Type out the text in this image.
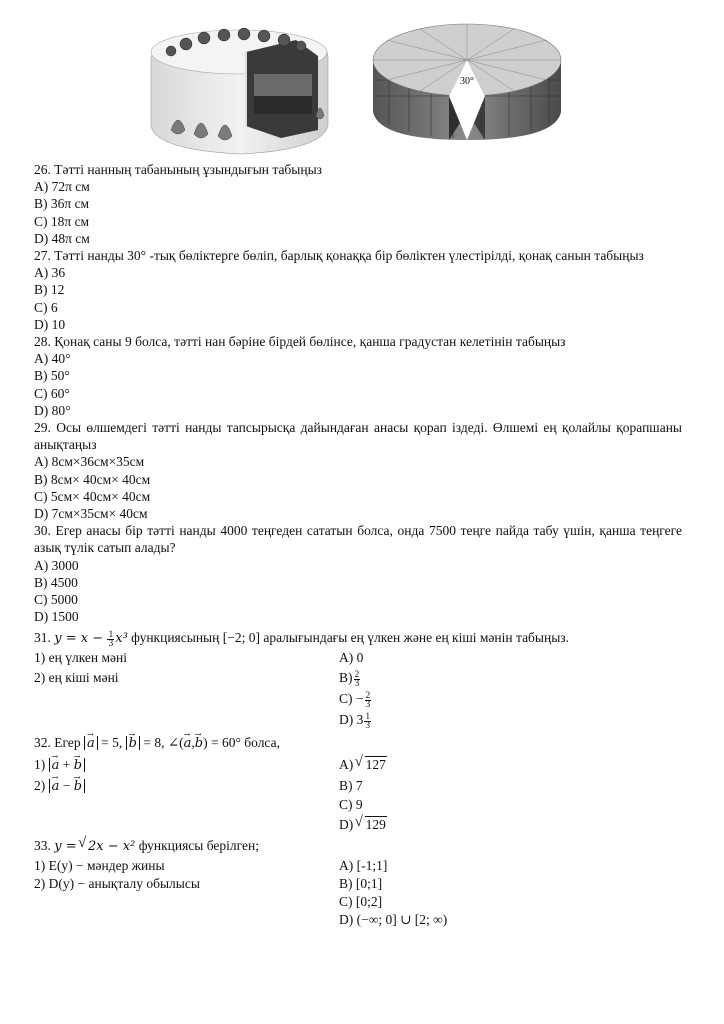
30°
26. Тәтті нанның табанының ұзындығын табыңыз
A) 72π см
B) 36π см
C) 18π см
D) 48π см
27. Тәтті нанды 30° -тық бөліктерге бөліп, барлық қонаққа бір бөліктен үлестірілді, қонақ санын табыңыз
A) 36
B) 12
C) 6
D) 10
28. Қонақ саны 9 болса, тәтті нан бәріне бірдей бөлінсе, қанша градустан келетінін табыңыз
A) 40°
B) 50°
C) 60°
D) 80°
29. Осы өлшемдегі тәтті нанды тапсырысқа дайындаған анасы қорап іздеді. Өлшемі ең қолайлы қорапшаны анықтаңыз
A) 8см×36см×35см
B) 8см× 40см× 40см
C) 5см× 40см× 40см
D) 7см×35см× 40см
30. Егер анасы бір тәтті нанды 4000 теңгеден сататын болса, онда 7500 теңге пайда табу үшін, қанша теңгеге азық түлік сатып алады?
A) 3000
B) 4500
C) 5000
D) 1500
31. $y = x - \frac{1}{3} x^3$ функциясының [−2; 0] аралығындағы ең үлкен және ең кіші мәнін табыңыз.
1) ең үлкен мәні	A) 0
2) ең кіші мәні	$B) \frac{2}{3}$
$C) - \frac{2}{3}$
D) $3 \frac{1}{3}$
32. Егер → a = 5, → b = 8, ∠(→ a,→ b) = 60° болса,
1) → a + → b	A) √ 127
2) → a − → b	B) 7
C) 9
D) √ 129
33. y = √ 2x − x² функциясы берілген;
1) E(y) − мәндер жины	A) [-1;1]
2) D(y) − анықталу обылысы	B) [0;1]
C) [0;2]
D) (−∞; 0] ∪ [2; ∞)
